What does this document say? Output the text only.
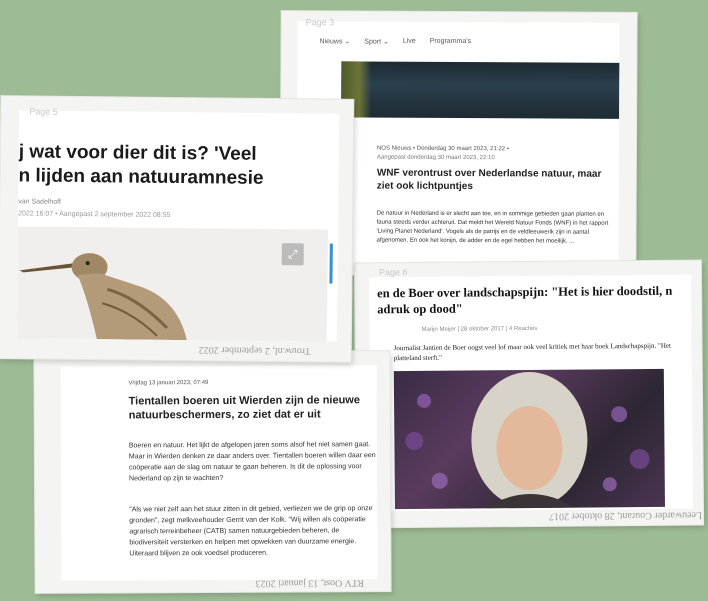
Nieuws ⌄ Sport ⌄ Live Programma's
NOS Nieuws • Donderdag 30 maart 2023, 21:22 •
Aangepast donderdag 30 maart 2023, 22:10
WNF verontrust over Nederlandse natuur, maar ziet ook lichtpuntjes
De natuur in Nederland is er slecht aan toe, en in sommige gebieden gaan planten en fauna steeds verder achteruit. Dat meldt het Wereld Natuur Fonds (WNF) in het rapport 'Living Planet Nederland'. Vogels als de patrijs en de veldleeuwerik zijn in aantal afgenomen. En ook het konijn, de adder en de egel hebben het moeilijk. ...
Page 3
en de Boer over landschapspijn: "Het is hier doodstil, n
adruk op dood"
Marijn Meijer | 28 oktober 2017 | 4 Reacties
Journalist Jantien de Boer oogst veel lof maar ook veel kritiek met haar boek Landschapspijn. "Het platteland sterft."
Page 6
Leeuwarder Courant, 28 oktober 2017
Vrijdag 13 januari 2023, 07:49
Tientallen boeren uit Wierden zijn de nieuwe natuurbeschermers, zo ziet dat er uit
Boeren en natuur. Het lijkt de afgelopen jaren soms alsof het niet samen gaat. Maar in Wierden denken ze daar anders over. Tientallen boeren willen daar een coöperatie aan de slag om natuur te gaan beheren. Is dit de oplossing voor Nederland op zijn te wachten?
"Als we niet zelf aan het stuur zitten in dit gebied, verliezen we de grip op onze gronden", zegt melkveehouder Gerrit van der Kolk. "Wij willen als coöperatie agrarisch terreinbeheer (CATB) samen natuurgebieden beheren, de biodiversiteit versterken en helpen met opwekken van duurzame energie. Uiteraard blijven ze ook voedsel produceren.
RTV Oost, 13 januari 2023
j wat voor dier dit is? 'Veel
n lijden aan natuuramnesie
van Sadelhoff
2022 16:07 • Aangepast 2 september 2022 08:55
⤢
Page 5
Trouw.nl, 2 september 2022
